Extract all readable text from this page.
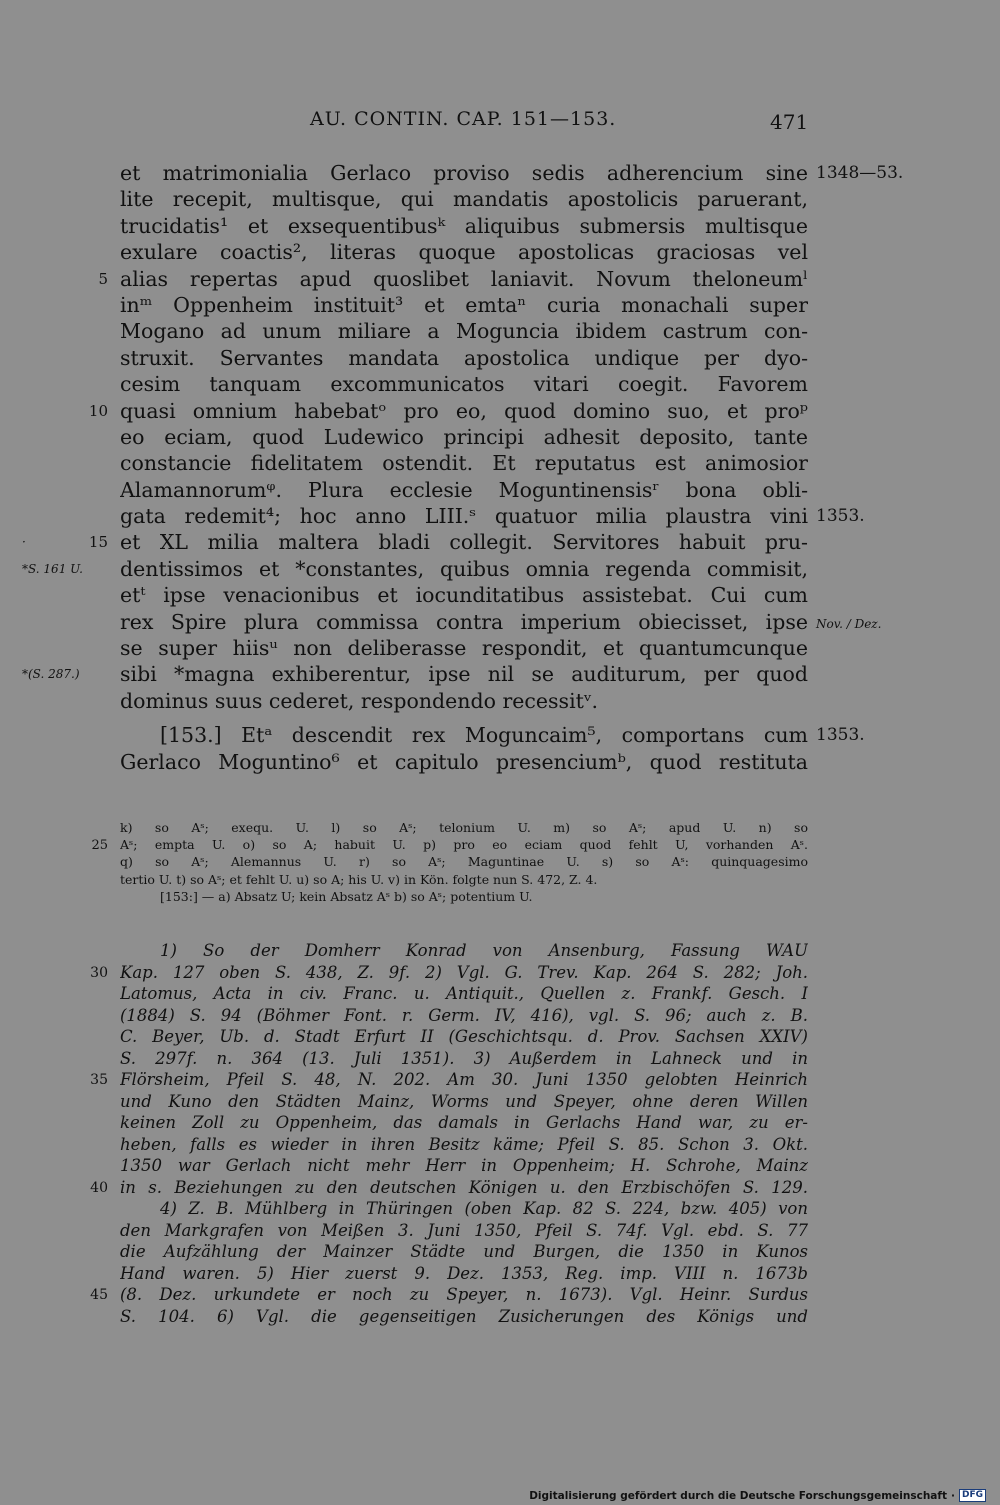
AU. CONTIN. CAP. 151—153.	471
et matrimonialia Gerlaco proviso sedis adherencium sine 1348—53.
lite recepit, multisque, qui mandatis apostolicis paruerant,
trucidatis¹ et exsequentibusᵏ aliquibus submersis multisque
exulare coactis², literas quoque apostolicas graciosas vel
alias repertas apud quoslibet laniavit. Novum theloneumˡ
5
inᵐ Oppenheim instituit³ et emtaⁿ curia monachali super
Mogano ad unum miliare a Moguncia ibidem castrum con-
struxit. Servantes mandata apostolica undique per dyo-
cesim tanquam excommunicatos vitari coegit. Favorem
quasi omnium habebatᵒ pro eo, quod domino suo, et proᵖ
10
eo eciam, quod Ludewico principi adhesit deposito, tante
constancie fidelitatem ostendit. Et reputatus est animosior
Alamannorumᵠ. Plura ecclesie Moguntinensisʳ bona obli-
gata redemit⁴; hoc anno LIII.ˢ quatuor milia plaustra vini 1353.
et XL milia maltera bladi collegit. Servitores habuit pru-
15
·
dentissimos et *constantes, quibus omnia regenda commisit,
*S. 161 U.
etᵗ ipse venacionibus et iocunditatibus assistebat. Cui cum
rex Spire plura commissa contra imperium obiecisset, ipse Nov. / Dez.
se super hiisᵘ non deliberasse respondit, et quantumcunque
sibi *magna exhiberentur, ipse nil se auditurum, per quod
*(S. 287.)
dominus suus cederet, respondendo recessitᵛ.
[153.] Etᵃ descendit rex Moguncaim⁵, comportans cum 1353.
Gerlaco Moguntino⁶ et capitulo presenciumᵇ, quod restituta
k) so Aˢ; exequ. U. l) so Aˢ; telonium U. m) so Aˢ; apud U. n) so
Aˢ; empta U. o) so A; habuit U. p) pro eo eciam quod fehlt U, vorhanden Aˢ.
25
q) so Aˢ; Alemannus U. r) so Aˢ; Maguntinae U. s) so Aˢ: quinquagesimo
tertio U. t) so Aˢ; et fehlt U. u) so A; his U. v) in Kön. folgte nun S. 472, Z. 4.
[153:] — a) Absatz U; kein Absatz Aˢ b) so Aˢ; potentium U.
1) So der Domherr Konrad von Ansenburg, Fassung WAU
Kap. 127 oben S. 438, Z. 9f. 2) Vgl. G. Trev. Kap. 264 S. 282; Joh.
30
Latomus, Acta in civ. Franc. u. Antiquit., Quellen z. Frankf. Gesch. I
(1884) S. 94 (Böhmer Font. r. Germ. IV, 416), vgl. S. 96; auch z. B.
C. Beyer, Ub. d. Stadt Erfurt II (Geschichtsqu. d. Prov. Sachsen XXIV)
S. 297f. n. 364 (13. Juli 1351). 3) Außerdem in Lahneck und in
Flörsheim, Pfeil S. 48, N. 202. Am 30. Juni 1350 gelobten Heinrich
35
und Kuno den Städten Mainz, Worms und Speyer, ohne deren Willen
keinen Zoll zu Oppenheim, das damals in Gerlachs Hand war, zu er-
heben, falls es wieder in ihren Besitz käme; Pfeil S. 85. Schon 3. Okt.
1350 war Gerlach nicht mehr Herr in Oppenheim; H. Schrohe, Mainz
in s. Beziehungen zu den deutschen Königen u. den Erzbischöfen S. 129.
40
4) Z. B. Mühlberg in Thüringen (oben Kap. 82 S. 224, bzw. 405) von
den Markgrafen von Meißen 3. Juni 1350, Pfeil S. 74f. Vgl. ebd. S. 77
die Aufzählung der Mainzer Städte und Burgen, die 1350 in Kunos
Hand waren. 5) Hier zuerst 9. Dez. 1353, Reg. imp. VIII n. 1673b
(8. Dez. urkundete er noch zu Speyer, n. 1673). Vgl. Heinr. Surdus
45
S. 104. 6) Vgl. die gegenseitigen Zusicherungen des Königs und
Digitalisierung gefördert durch die Deutsche Forschungsgemeinschaft · DFG
